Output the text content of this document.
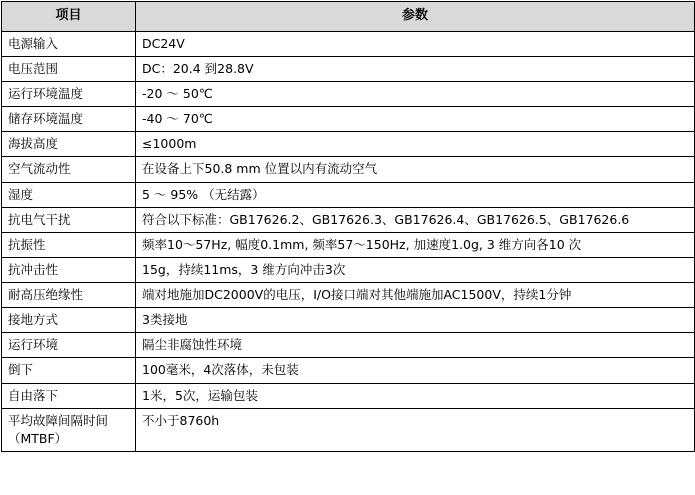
项目	参数
电源输入	DC24V
电压范围	DC：20.4 到28.8V
运行环境温度	-20 ～ 50℃
储存环境温度	-40 ～ 70℃
海拔高度	≤1000m
空气流动性	在设备上下50.8 mm 位置以内有流动空气
湿度	5 ～ 95% （无结露）
抗电气干扰	符合以下标准：GB17626.2、GB17626.3、GB17626.4、GB17626.5、GB17626.6
抗振性	频率10～57Hz, 幅度0.1mm, 频率57～150Hz, 加速度1.0g, 3 维方向各10 次
抗冲击性	15g，持续11ms，3 维方向冲击3次
耐高压绝缘性	端对地施加DC2000V的电压，I/O接口端对其他端施加AC1500V，持续1分钟
接地方式	3类接地
运行环境	隔尘非腐蚀性环境
倒下	100毫米，4次落体，未包装
自由落下	1米，5次，运输包装
平均故障间隔时间（MTBF）	不小于8760h
